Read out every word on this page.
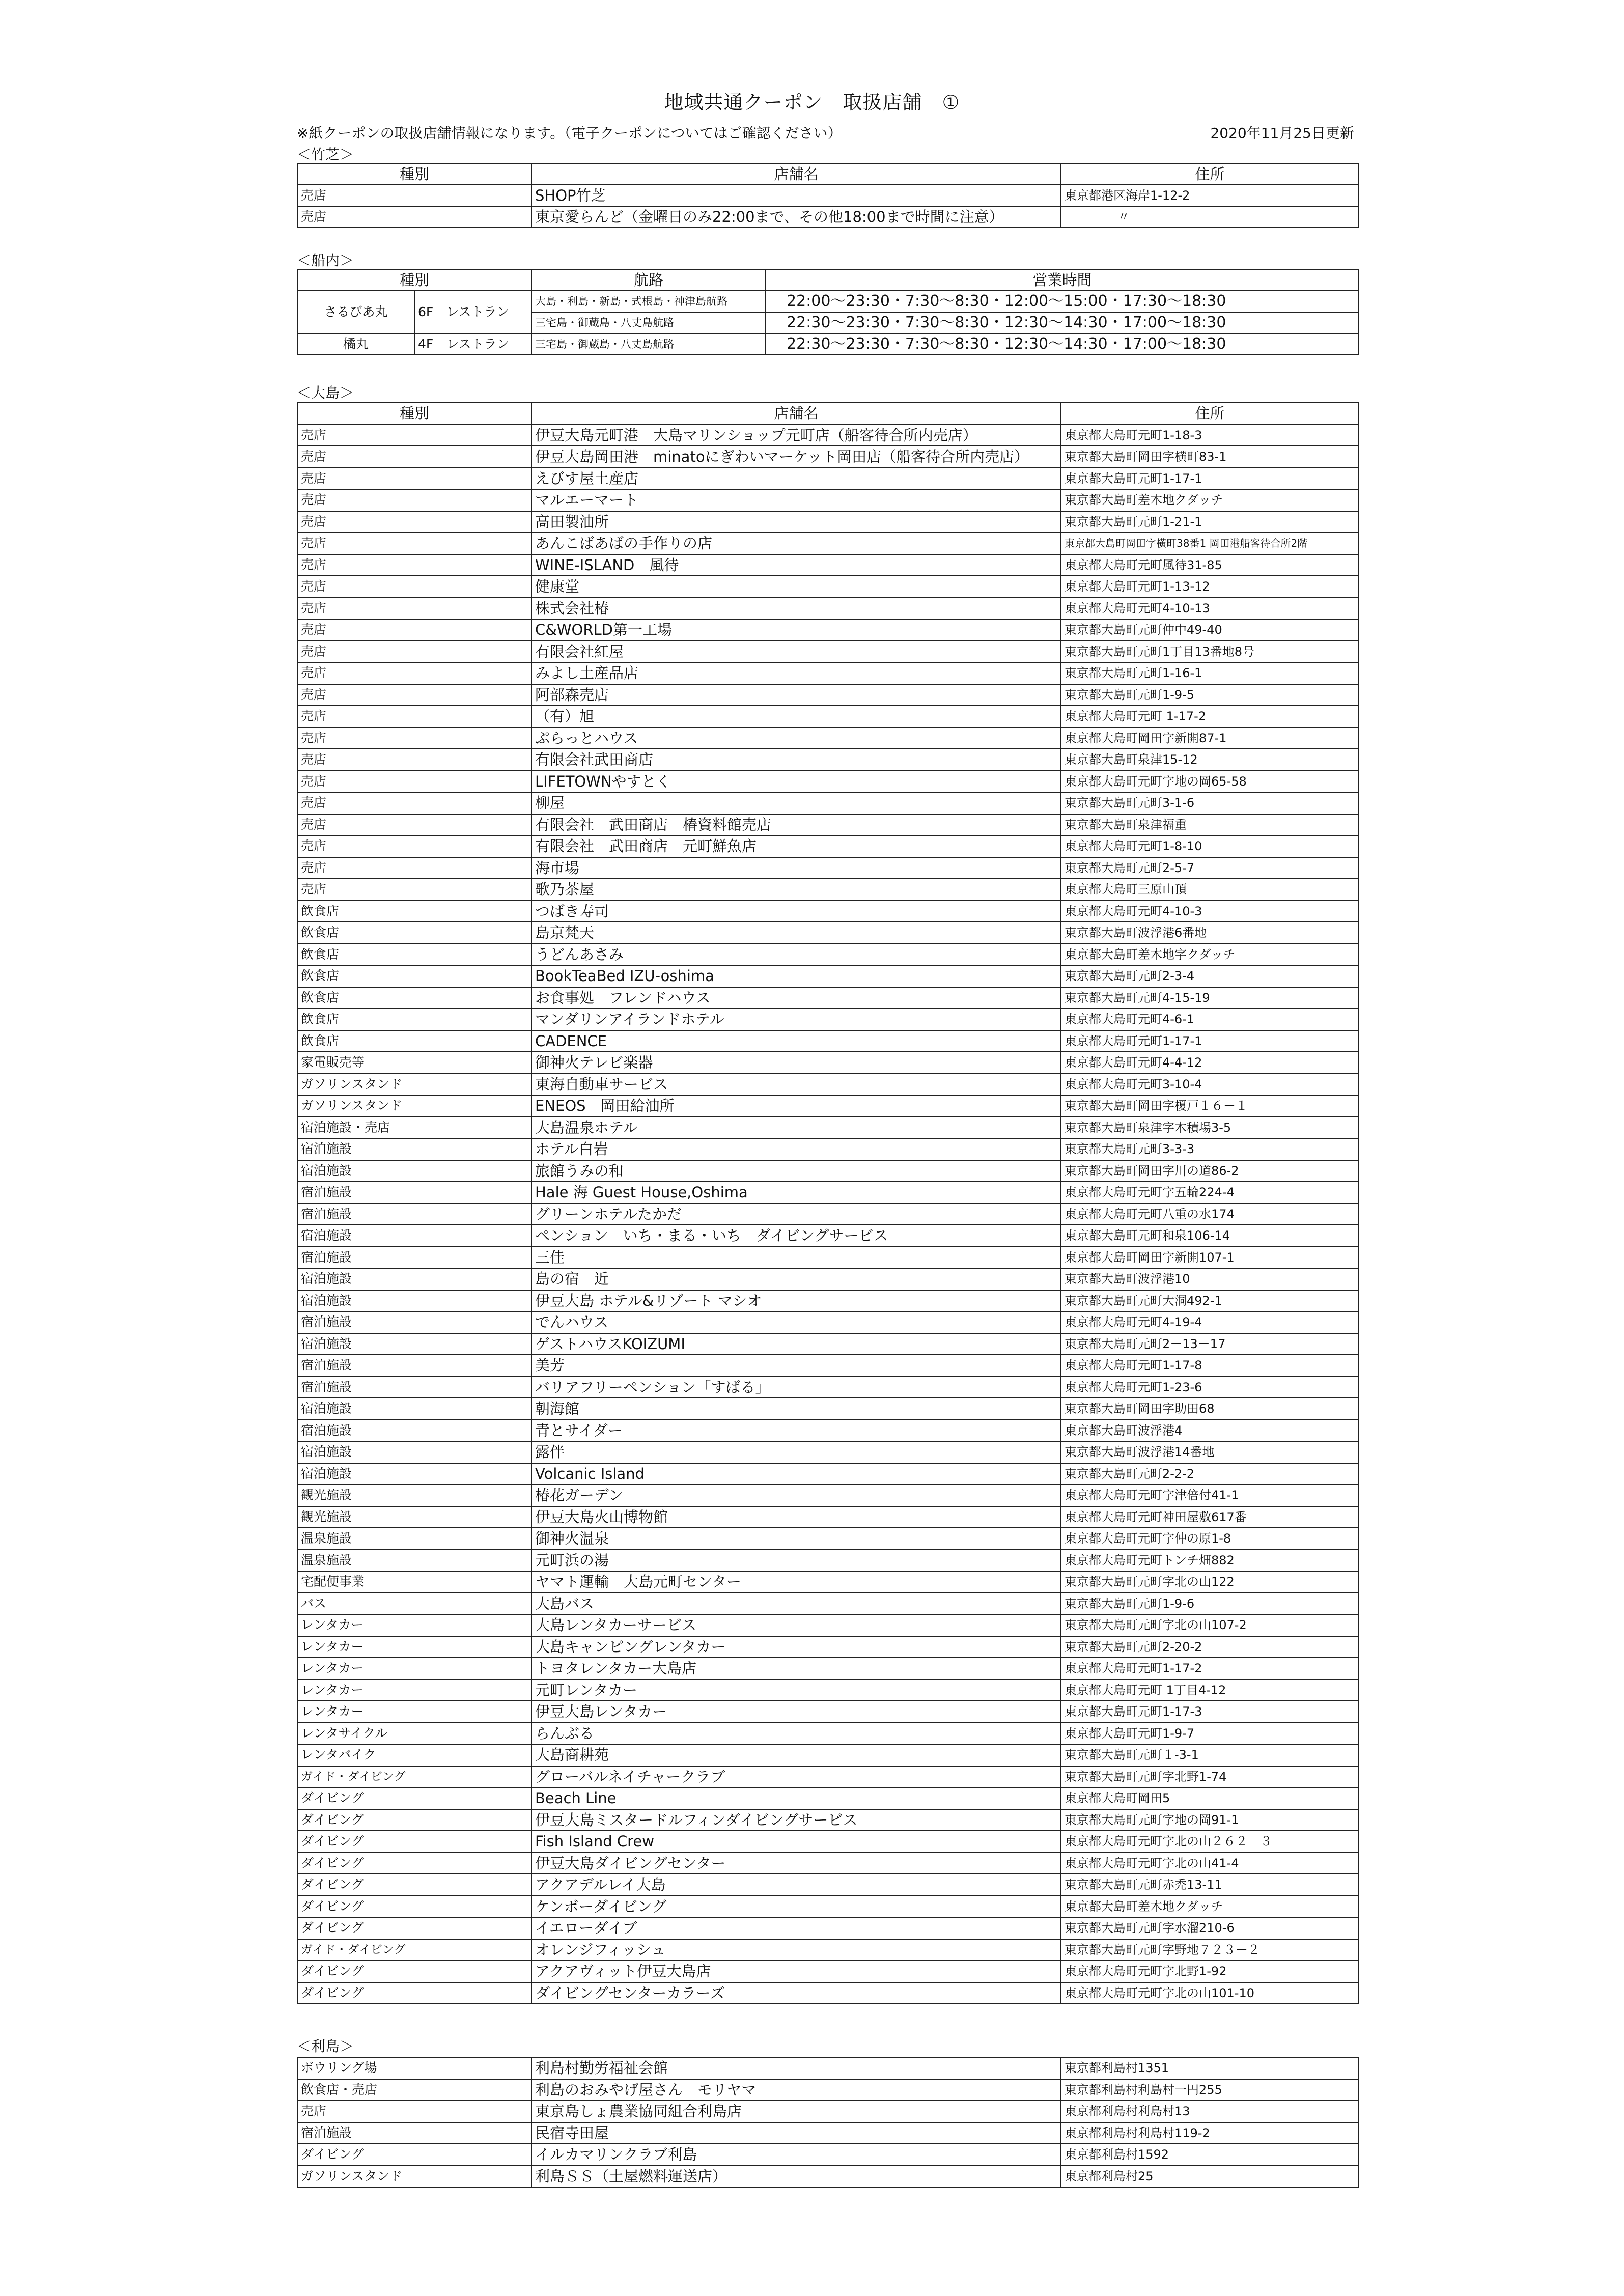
地域共通クーポン　取扱店舗　①
※紙クーポンの取扱店舗情報になります。（電子クーポンについてはご確認ください）	2020年11月25日更新
＜竹芝＞
種別	店舗名	住所
売店	SHOP竹芝	東京都港区海岸1-12-2
売店	東京愛らんど（金曜日のみ22:00まで、その他18:00まで時間に注意）	〃
＜船内＞
種別		航路	営業時間
さるびあ丸	6F　レストラン	大島・利島・新島・式根島・神津島航路	22:00～23:30・7:30～8:30・12:00～15:00・17:30～18:30
		三宅島・御蔵島・八丈島航路	22:30～23:30・7:30～8:30・12:30～14:30・17:00～18:30
橘丸	4F　レストラン	三宅島・御蔵島・八丈島航路	22:30～23:30・7:30～8:30・12:30～14:30・17:00～18:30
＜大島＞
種別	店舗名	住所
売店	伊豆大島元町港　大島マリンショップ元町店（船客待合所内売店）	東京都大島町元町1-18-3
売店	伊豆大島岡田港　minatoにぎわいマーケット岡田店（船客待合所内売店）	東京都大島町岡田字横町83-1
売店	えびす屋土産店	東京都大島町元町1-17-1
売店	マルエーマート	東京都大島町差木地クダッチ
売店	高田製油所	東京都大島町元町1-21-1
売店	あんこばあばの手作りの店	東京都大島町岡田字横町38番1 岡田港船客待合所2階
売店	WINE-ISLAND　風待	東京都大島町元町風待31-85
売店	健康堂	東京都大島町元町1-13-12
売店	株式会社椿	東京都大島町元町4-10-13
売店	C&WORLD第一工場	東京都大島町元町仲中49-40
売店	有限会社紅屋	東京都大島町元町1丁目13番地8号
売店	みよし土産品店	東京都大島町元町1-16-1
売店	阿部森売店	東京都大島町元町1-9-5
売店	（有）旭	東京都大島町元町 1-17-2
売店	ぷらっとハウス	東京都大島町岡田字新開87-1
売店	有限会社武田商店	東京都大島町泉津15-12
売店	LIFETOWNやすとく	東京都大島町元町字地の岡65-58
売店	柳屋	東京都大島町元町3-1-6
売店	有限会社　武田商店　椿資料館売店	東京都大島町泉津福重
売店	有限会社　武田商店　元町鮮魚店	東京都大島町元町1-8-10
売店	海市場	東京都大島町元町2-5-7
売店	歌乃茶屋	東京都大島町三原山頂
飲食店	つばき寿司	東京都大島町元町4-10-3
飲食店	島京梵天	東京都大島町波浮港6番地
飲食店	うどんあさみ	東京都大島町差木地字クダッチ
飲食店	BookTeaBed IZU-oshima	東京都大島町元町2-3-4
飲食店	お食事処　フレンドハウス	東京都大島町元町4-15-19
飲食店	マンダリンアイランドホテル	東京都大島町元町4-6-1
飲食店	CADENCE	東京都大島町元町1-17-1
家電販売等	御神火テレビ楽器	東京都大島町元町4-4-12
ガソリンスタンド	東海自動車サービス	東京都大島町元町3-10-4
ガソリンスタンド	ENEOS　岡田給油所	東京都大島町岡田字榎戸１６－１
宿泊施設・売店	大島温泉ホテル	東京都大島町泉津字木積場3-5
宿泊施設	ホテル白岩	東京都大島町元町3-3-3
宿泊施設	旅館うみの和	東京都大島町岡田字川の道86-2
宿泊施設	Hale 海 Guest House,Oshima	東京都大島町元町字五輪224-4
宿泊施設	グリーンホテルたかだ	東京都大島町元町八重の水174
宿泊施設	ペンション　いち・まる・いち　ダイビングサービス	東京都大島町元町和泉106-14
宿泊施設	三佳	東京都大島町岡田字新開107-1
宿泊施設	島の宿　近	東京都大島町波浮港10
宿泊施設	伊豆大島 ホテル&リゾート マシオ	東京都大島町元町大洞492-1
宿泊施設	でんハウス	東京都大島町元町4-19-4
宿泊施設	ゲストハウスKOIZUMI	東京都大島町元町2－13－17
宿泊施設	美芳	東京都大島町元町1-17-8
宿泊施設	バリアフリーペンション「すばる」	東京都大島町元町1-23-6
宿泊施設	朝海館	東京都大島町岡田字助田68
宿泊施設	青とサイダー	東京都大島町波浮港4
宿泊施設	露伴	東京都大島町波浮港14番地
宿泊施設	Volcanic Island	東京都大島町元町2-2-2
観光施設	椿花ガーデン	東京都大島町元町字津倍付41-1
観光施設	伊豆大島火山博物館	東京都大島町元町神田屋敷617番
温泉施設	御神火温泉	東京都大島町元町字仲の原1-8
温泉施設	元町浜の湯	東京都大島町元町トンチ畑882
宅配便事業	ヤマト運輸　大島元町センター	東京都大島町元町字北の山122
バス	大島バス	東京都大島町元町1-9-6
レンタカー	大島レンタカーサービス	東京都大島町元町字北の山107-2
レンタカー	大島キャンピングレンタカー	東京都大島町元町2-20-2
レンタカー	トヨタレンタカー大島店	東京都大島町元町1-17-2
レンタカー	元町レンタカー	東京都大島町元町 1丁目4-12
レンタカー	伊豆大島レンタカー	東京都大島町元町1-17-3
レンタサイクル	らんぶる	東京都大島町元町1-9-7
レンタバイク	大島商耕苑	東京都大島町元町１-3-1
ガイド・ダイビング	グローバルネイチャークラブ	東京都大島町元町字北野1-74
ダイビング	Beach Line	東京都大島町岡田5
ダイビング	伊豆大島ミスタードルフィンダイビングサービス	東京都大島町元町字地の岡91-1
ダイビング	Fish Island Crew	東京都大島町元町字北の山２６２－３
ダイビング	伊豆大島ダイビングセンター	東京都大島町元町字北の山41-4
ダイビング	アクアデルレイ大島	東京都大島町元町赤禿13-11
ダイビング	ケンボーダイビング	東京都大島町差木地クダッチ
ダイビング	イエローダイブ	東京都大島町元町字水溜210-6
ガイド・ダイビング	オレンジフィッシュ	東京都大島町元町字野地７２３－２
ダイビング	アクアヴィット伊豆大島店	東京都大島町元町字北野1-92
ダイビング	ダイビングセンターカラーズ	東京都大島町元町字北の山101-10
＜利島＞
ボウリング場	利島村勤労福祉会館	東京都利島村1351
飲食店・売店	利島のおみやげ屋さん　モリヤマ	東京都利島村利島村一円255
売店	東京島しょ農業協同組合利島店	東京都利島村利島村13
宿泊施設	民宿寺田屋	東京都利島村利島村119-2
ダイビング	イルカマリンクラブ利島	東京都利島村1592
ガソリンスタンド	利島ＳＳ（土屋燃料運送店）	東京都利島村25
